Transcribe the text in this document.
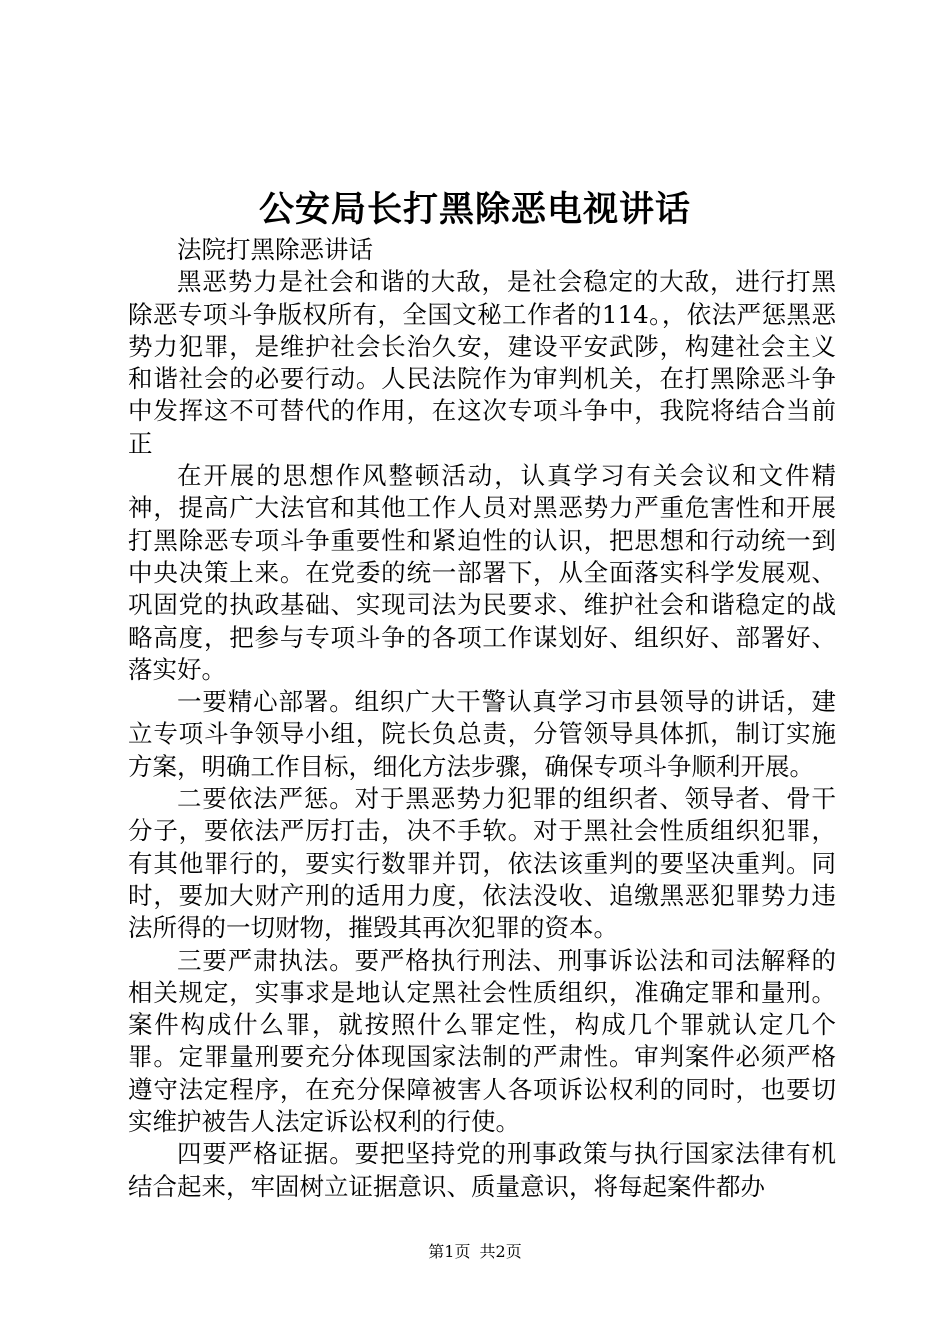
公安局长打黑除恶电视讲话

法院打黑除恶讲话

黑恶势力是社会和谐的大敌，是社会稳定的大敌，进行打黑除恶专项斗争版权所有，全国文秘工作者的114。，依法严惩黑恶势力犯罪，是维护社会长治久安，建设平安武陟，构建社会主义和谐社会的必要行动。人民法院作为审判机关，在打黑除恶斗争中发挥这不可替代的作用，在这次专项斗争中，我院将结合当前正

在开展的思想作风整顿活动，认真学习有关会议和文件精神，提高广大法官和其他工作人员对黑恶势力严重危害性和开展打黑除恶专项斗争重要性和紧迫性的认识，把思想和行动统一到中央决策上来。在党委的统一部署下，从全面落实科学发展观、巩固党的执政基础、实现司法为民要求、维护社会和谐稳定的战略高度，把参与专项斗争的各项工作谋划好、组织好、部署好、落实好。

一要精心部署。组织广大干警认真学习市县领导的讲话，建立专项斗争领导小组，院长负总责，分管领导具体抓，制订实施方案，明确工作目标，细化方法步骤，确保专项斗争顺利开展。

二要依法严惩。对于黑恶势力犯罪的组织者、领导者、骨干分子，要依法严厉打击，决不手软。对于黑社会性质组织犯罪，有其他罪行的，要实行数罪并罚，依法该重判的要坚决重判。同时，要加大财产刑的适用力度，依法没收、追缴黑恶犯罪势力违法所得的一切财物，摧毁其再次犯罪的资本。

三要严肃执法。要严格执行刑法、刑事诉讼法和司法解释的相关规定，实事求是地认定黑社会性质组织，准确定罪和量刑。案件构成什么罪，就按照什么罪定性，构成几个罪就认定几个罪。定罪量刑要充分体现国家法制的严肃性。审判案件必须严格遵守法定程序，在充分保障被害人各项诉讼权利的同时，也要切实维护被告人法定诉讼权利的行使。

四要严格证据。要把坚持党的刑事政策与执行国家法律有机结合起来，牢固树立证据意识、质量意识，将每起案件都办

第1页 共2页
